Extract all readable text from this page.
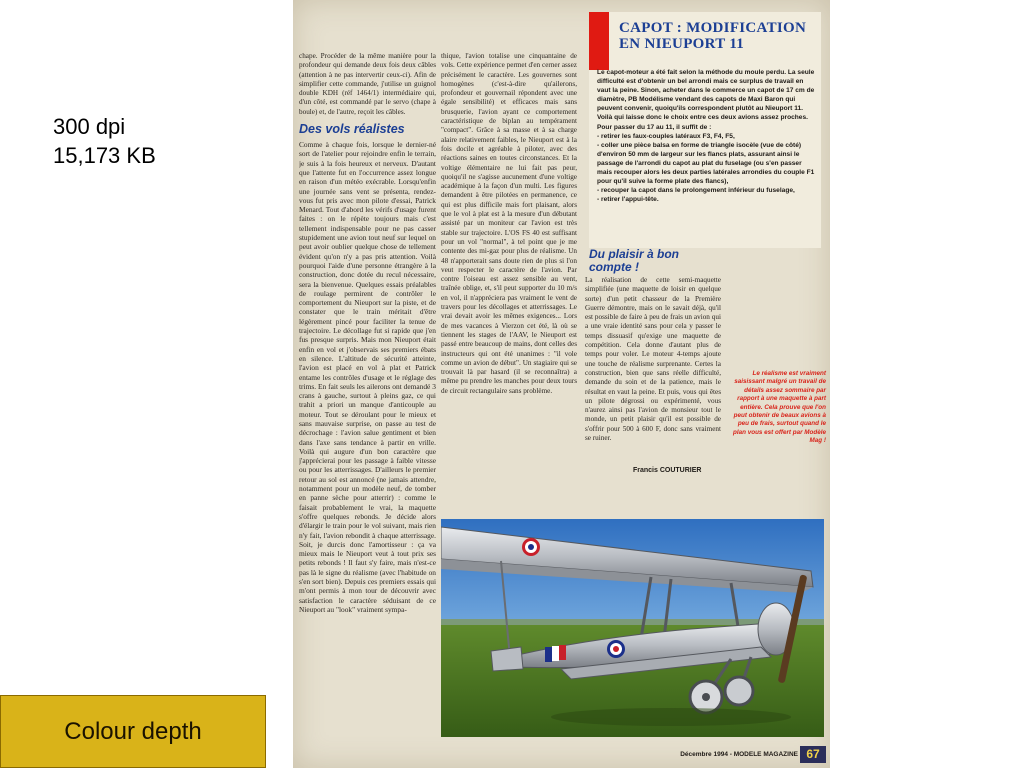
300 dpi
15,173 KB
Colour depth

chape. Procéder de la même manière pour la profondeur qui demande deux fois deux câbles (attention à ne pas intervertir ceux-ci). Afin de simplifier cette commande, j'utilise un guignol double KDH (réf 1464/1) intermédiaire qui, d'un côté, est commandé par le servo (chape à boule) et, de l'autre, reçoit les câbles.

Des vols réalistes

Comme à chaque fois, lorsque le dernier-né sort de l'atelier pour rejoindre enfin le terrain, je suis à la fois heureux et nerveux. D'autant que l'attente fut en l'occurrence assez longue en raison d'un météo exécrable. Lorsqu'enfin une journée sans vent se présenta, rendez-vous fut pris avec mon pilote d'essai, Patrick Menard. Tout d'abord les vérifs d'usage furent faites : on le répète toujours mais c'est tellement indispensable pour ne pas casser stupidement une avion tout neuf sur lequel on peut avoir oublier quelque chose de tellement évident qu'on n'y a pas pris attention. Voilà pourquoi l'aide d'une personne étrangère à la construction, donc dotée du recul nécessaire, sera la bienvenue. Quelques essais préalables de roulage permirent de contrôler le comportement du Nieuport sur la piste, et de constater que le train méritait d'être légèrement pincé pour faciliter la tenue de trajectoire. Le décollage fut si rapide que j'en fus presque surpris. Mais mon Nieuport était enfin en vol et j'observais ses premiers ébats en silence. L'altitude de sécurité atteinte, l'avion est placé en vol à plat et Patrick entame les contrôles d'usage et le réglage des trims. En fait seuls les ailerons ont demandé 3 crans à gauche, surtout à pleins gaz, ce qui trahit a priori un manque d'anticouple au moteur. Tout se déroulant pour le mieux et sans mauvaise surprise, on passe au test de décrochage : l'avion salue gentiment et bien dans l'axe sans tendance à partir en vrille. Voilà qui augure d'un bon caractère que j'apprécierai pour les passage à faible vitesse ou pour les atterrissages. D'ailleurs le premier retour au sol est annoncé (ne jamais attendre, notamment pour un modèle neuf, de tomber en panne sèche pour atterrir) : comme le faisait probablement le vrai, la maquette s'offre quelques rebonds. Je décide alors d'élargir le train pour le vol suivant, mais rien n'y fait, l'avion rebondit à chaque atterrissage. Soit, je durcis donc l'amortisseur : ça va mieux mais le Nieuport veut à tout prix ses petits rebonds ! Il faut s'y faire, mais n'est-ce pas là le signe du réalisme (avec l'habitude on s'en sort bien). Depuis ces premiers essais qui m'ont permis à mon tour de découvrir avec satisfaction le caractère séduisant de ce Nieuport au "look" vraiment sympa-

thique, l'avion totalise une cinquantaine de vols. Cette expérience permet d'en cerner assez précisément le caractère. Les gouvernes sont homogènes (c'est-à-dire qu'ailerons, profondeur et gouvernail répondent avec une égale sensibilité) et efficaces mais sans brusquerie, l'avion ayant ce comportement caractéristique de biplan au tempérament "compact". Grâce à sa masse et à sa charge alaire relativement faibles, le Nieuport est à la fois docile et agréable à piloter, avec des réactions saines en toutes circonstances. Et la voltige élémentaire ne lui fait pas peur, quoiqu'il ne s'agisse aucunement d'une voltige académique à la façon d'un multi. Les figures demandent à être pilotées en permanence, ce qui est plus difficile mais fort plaisant, alors que le vol à plat est à la mesure d'un débutant assisté par un moniteur car l'avion est très stable sur trajectoire. L'OS FS 40 est suffisant pour un vol "normal", à tel point que je me contente des mi-gaz pour plus de réalisme. Un 48 n'apporterait sans doute rien de plus si l'on veut respecter le caractère de l'avion. Par contre l'oiseau est assez sensible au vent, traînée oblige, et, s'il peut supporter du 10 m/s en vol, il n'appréciera pas vraiment le vent de travers pour les décollages et atterrissages. Le vrai devait avoir les mêmes exigences... Lors de mes vacances à Vierzon cet été, là où se tiennent les stages de l'AAV, le Nieuport est passé entre beaucoup de mains, dont celles des instructeurs qui ont été unanimes : "il vole comme un avion de début". Un stagiaire qui se trouvait là par hasard (il se reconnaîtra) a même pu prendre les manches pour deux tours de circuit rectangulaire sans problème.

CAPOT : MODIFICATION
EN NIEUPORT 11
Le capot-moteur a été fait selon la méthode du moule perdu. La seule difficulté est d'obtenir un bel arrondi mais ce surplus de travail en vaut la peine. Sinon, acheter dans le commerce un capot de 17 cm de diamètre, PB Modélisme vendant des capots de Maxi Baron qui peuvent convenir, quoiqu'ils correspondent plutôt au Nieuport 11. Voilà qui laisse donc le choix entre ces deux avions assez proches. Pour passer du 17 au 11, il suffit de :
- retirer les faux-couples latéraux F3, F4, F5,
- coller une pièce balsa en forme de triangle isocèle (vue de côté) d'environ 50 mm de largeur sur les flancs plats, assurant ainsi le passage de l'arrondi du capot au plat du fuselage (ou s'en passer mais recouper alors les deux parties latérales arrondies du couple F1 pour qu'il suive la forme plate des flancs),
- recouper la capot dans le prolongement inférieur du fuselage,
- retirer l'appui-tête.
Du plaisir à bon compte !

La réalisation de cette semi-maquette simplifiée (une maquette de loisir en quelque sorte) d'un petit chasseur de la Première Guerre démontre, mais on le savait déjà, qu'il est possible de faire à peu de frais un avion qui a une vraie identité sans pour cela y passer le temps dissuasif qu'exige une maquette de compétition. Cela donne d'autant plus de temps pour voler. Le moteur 4-temps ajoute une touche de réalisme surprenante. Certes la construction, bien que sans réelle difficulté, demande du soin et de la patience, mais le résultat en vaut la peine. Et puis, vous qui êtes un pilote dégrossi ou expérimenté, vous n'aurez ainsi pas l'avion de monsieur tout le monde, un petit plaisir qu'il est possible de s'offrir pour 500 à 600 F, donc sans vraiment se ruiner.

Francis COUTURIER
Le réalisme est vraiment saisissant malgré un travail de détails assez sommaire par rapport à une maquette à part entière. Cela prouve que l'on peut obtenir de beaux avions à peu de frais, surtout quand le plan vous est offert par Modèle Mag !
Décembre 1994 - MODELE MAGAZINE 67
